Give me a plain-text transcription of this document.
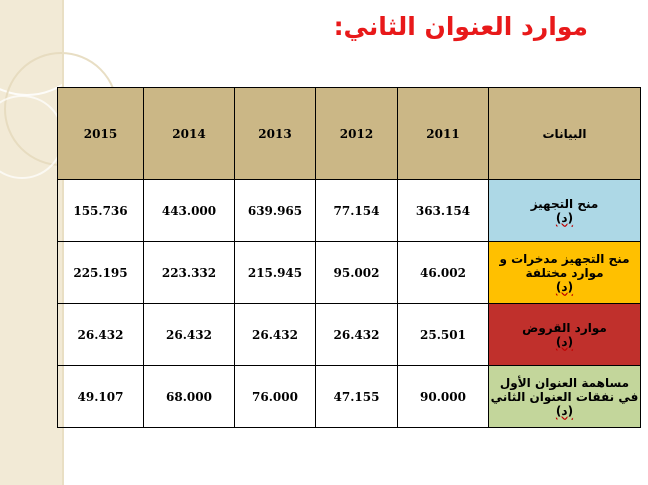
موارد العنوان الثاني:
2015	2014	2013	2012	2011	البيانات
155.736	443.000	639.965	77.154	363.154	منح التجهيز
(د)

225.195	223.332	215.945	95.002	46.002	منح التجهيز مدخرات و موارد مختلفة
(د)

26.432	26.432	26.432	26.432	25.501	موارد القروض
(د)

49.107	68.000	76.000	47.155	90.000	مساهمة العنوان الأول في نفقات العنوان الثاني
(د)
